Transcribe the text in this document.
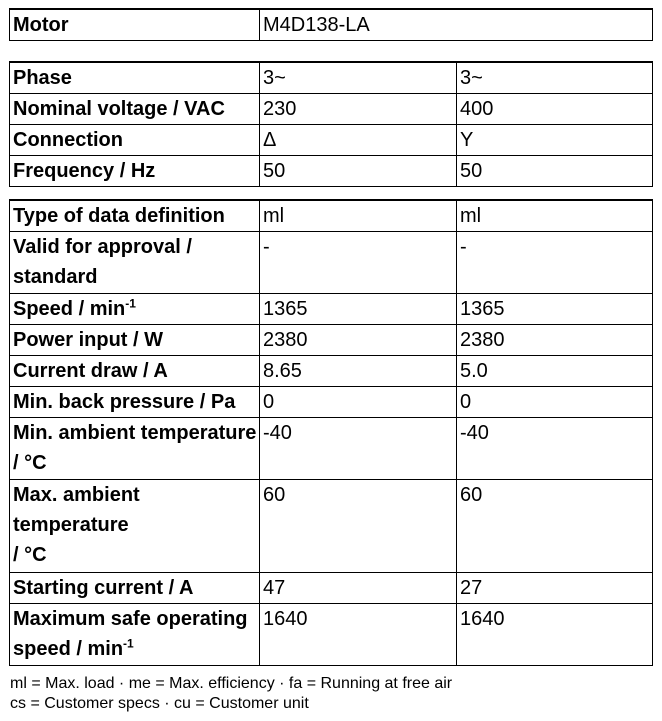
Motor	M4D138-LA
Phase	3~	3~
Nominal voltage / VAC	230	400
Connection	Δ	Y
Frequency / Hz	50	50
Type of data definition	ml	ml
Valid for approval / standard	-	-
Speed / $\min^{-1}$	1365	1365
Power input / W	2380	2380
Current draw / A	8.65	5.0
Min. back pressure / Pa	0	0
Min. ambient temperature / °C	-40	-40

Max. ambient
temperature
/ °C	60	60
Starting current / A	47	27
Maximum safe operating speed / $\min^{-1}$	1640	1640
ml = Max. load · me = Max. efficiency · fa = Running at free air
cs = Customer specs · cu = Customer unit
